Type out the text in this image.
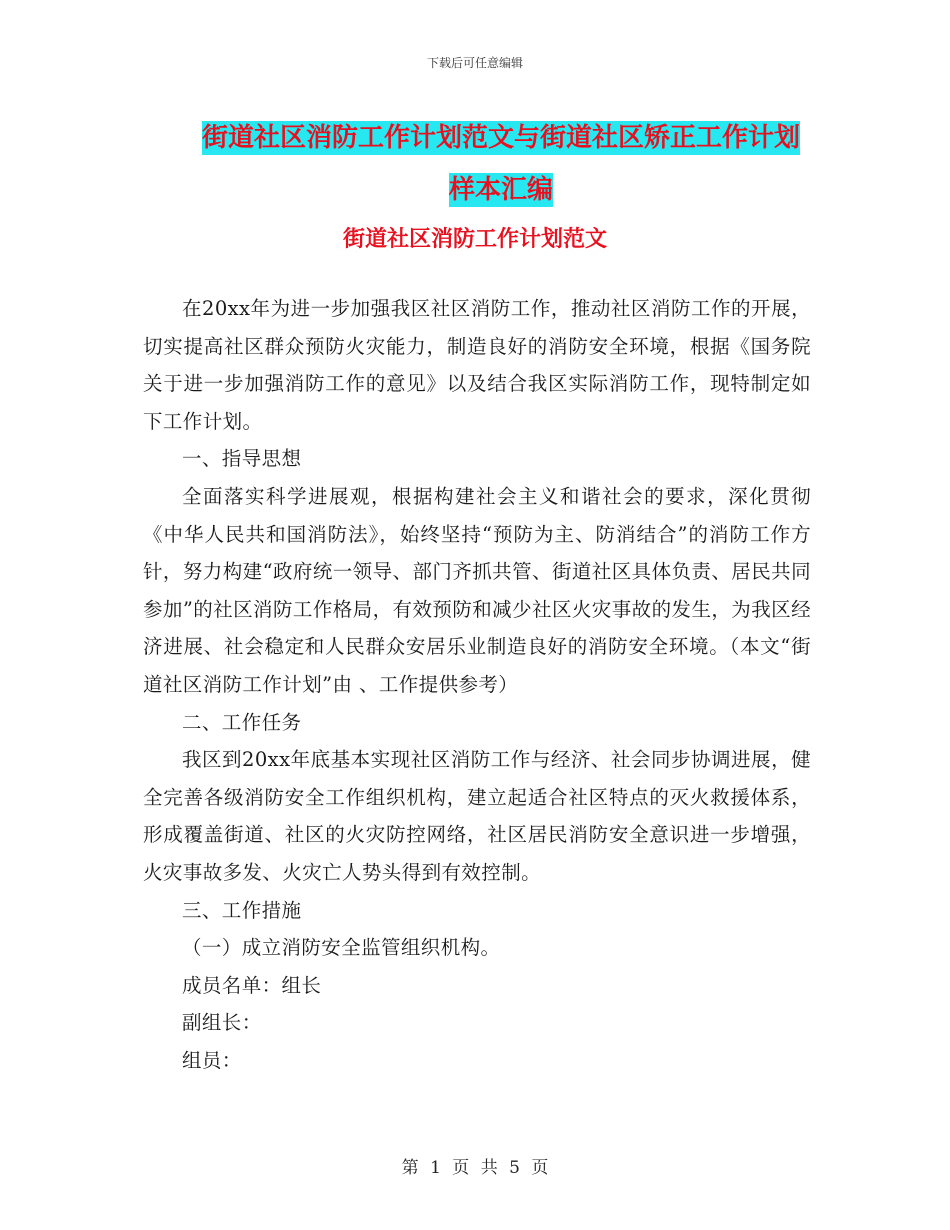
下载后可任意编辑
街道社区消防工作计划范文与街道社区矫正工作计划样本汇编
街道社区消防工作计划范文

在20xx年为进一步加强我区社区消防工作，推动社区消防工作的开展，切实提高社区群众预防火灾能力，制造良好的消防安全环境，根据《国务院关于进一步加强消防工作的意见》以及结合我区实际消防工作，现特制定如下工作计划。

一、指导思想

全面落实科学进展观，根据构建社会主义和谐社会的要求，深化贯彻《中华人民共和国消防法》，始终坚持“预防为主、防消结合”的消防工作方针，努力构建“政府统一领导、部门齐抓共管、街道社区具体负责、居民共同参加”的社区消防工作格局，有效预防和减少社区火灾事故的发生，为我区经济进展、社会稳定和人民群众安居乐业制造良好的消防安全环境。（本文“街道社区消防工作计划”由 、工作提供参考）

二、工作任务

我区到20xx年底基本实现社区消防工作与经济、社会同步协调进展，健全完善各级消防安全工作组织机构，建立起适合社区特点的灭火救援体系，形成覆盖街道、社区的火灾防控网络，社区居民消防安全意识进一步增强，火灾事故多发、火灾亡人势头得到有效控制。

三、工作措施

（一）成立消防安全监管组织机构。

成员名单：组长

副组长：

组员：

第 1 页 共 5 页
